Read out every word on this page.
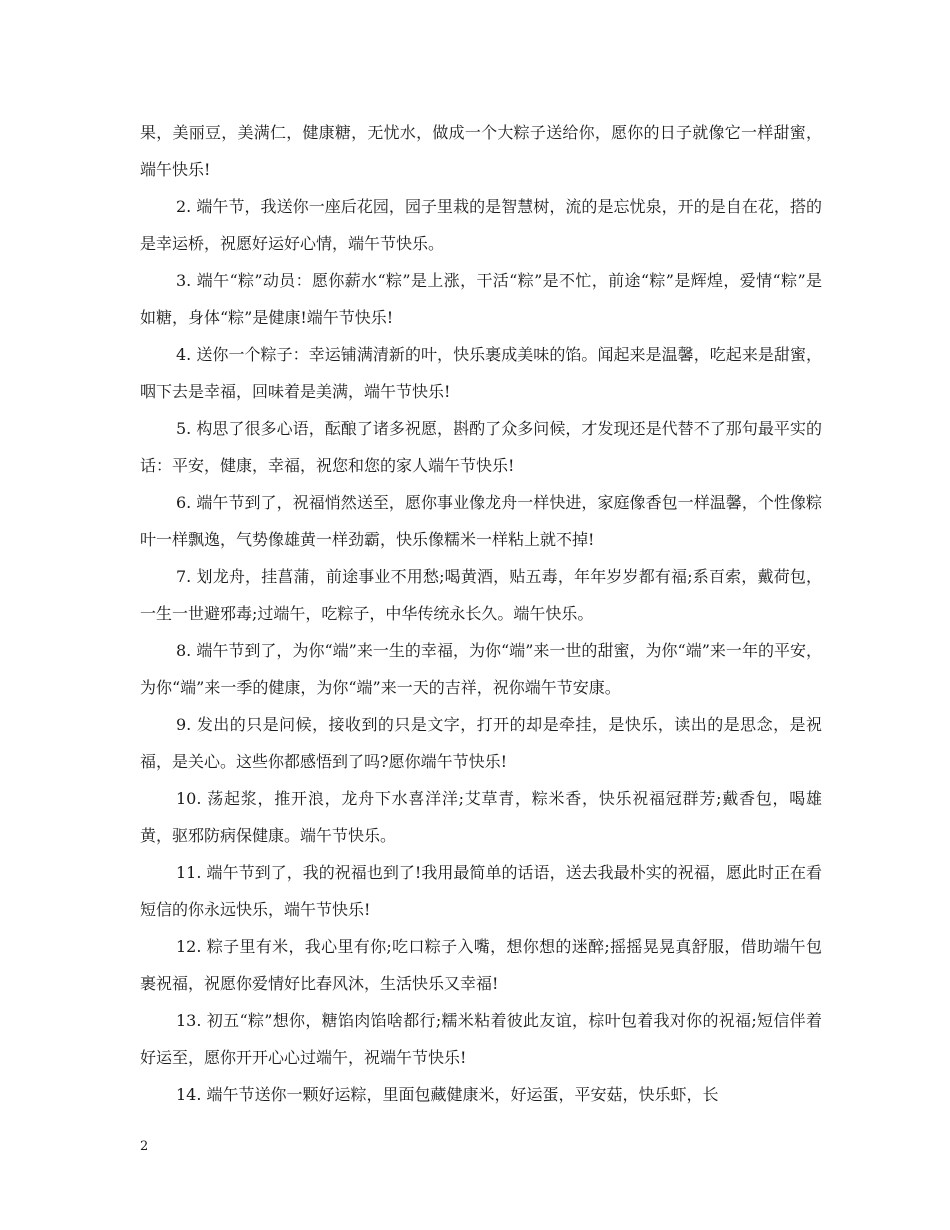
果，美丽豆，美满仁，健康糖，无忧水，做成一个大粽子送给你，愿你的日子就像它一样甜蜜，端午快乐!

2. 端午节，我送你一座后花园，园子里栽的是智慧树，流的是忘忧泉，开的是自在花，搭的是幸运桥，祝愿好运好心情，端午节快乐。

3. 端午“粽”动员：愿你薪水“粽”是上涨，干活“粽”是不忙，前途“粽”是辉煌，爱情“粽”是如糖，身体“粽”是健康!端午节快乐!

4. 送你一个粽子：幸运铺满清新的叶，快乐裹成美味的馅。闻起来是温馨，吃起来是甜蜜，咽下去是幸福，回味着是美满，端午节快乐!

5. 构思了很多心语，酝酿了诸多祝愿，斟酌了众多问候，才发现还是代替不了那句最平实的话：平安，健康，幸福，祝您和您的家人端午节快乐!

6. 端午节到了，祝福悄然送至，愿你事业像龙舟一样快进，家庭像香包一样温馨，个性像粽叶一样飘逸，气势像雄黄一样劲霸，快乐像糯米一样粘上就不掉!

7. 划龙舟，挂菖蒲，前途事业不用愁;喝黄酒，贴五毒，年年岁岁都有福;系百索，戴荷包，一生一世避邪毒;过端午，吃粽子，中华传统永长久。端午快乐。

8. 端午节到了，为你“端”来一生的幸福，为你“端”来一世的甜蜜，为你“端”来一年的平安，为你“端”来一季的健康，为你“端”来一天的吉祥，祝你端午节安康。

9. 发出的只是问候，接收到的只是文字，打开的却是牵挂，是快乐，读出的是思念，是祝福，是关心。这些你都感悟到了吗?愿你端午节快乐!

10. 荡起浆，推开浪，龙舟下水喜洋洋;艾草青，粽米香，快乐祝福冠群芳;戴香包，喝雄黄，驱邪防病保健康。端午节快乐。

11. 端午节到了，我的祝福也到了!我用最简单的话语，送去我最朴实的祝福，愿此时正在看短信的你永远快乐，端午节快乐!

12. 粽子里有米，我心里有你;吃口粽子入嘴，想你想的迷醉;摇摇晃晃真舒服，借助端午包裹祝福，祝愿你爱情好比春风沐，生活快乐又幸福!

13. 初五“粽”想你，糖馅肉馅啥都行;糯米粘着彼此友谊，棕叶包着我对你的祝福;短信伴着好运至，愿你开开心心过端午，祝端午节快乐!

14. 端午节送你一颗好运粽，里面包藏健康米，好运蛋，平安菇，快乐虾，长

2
